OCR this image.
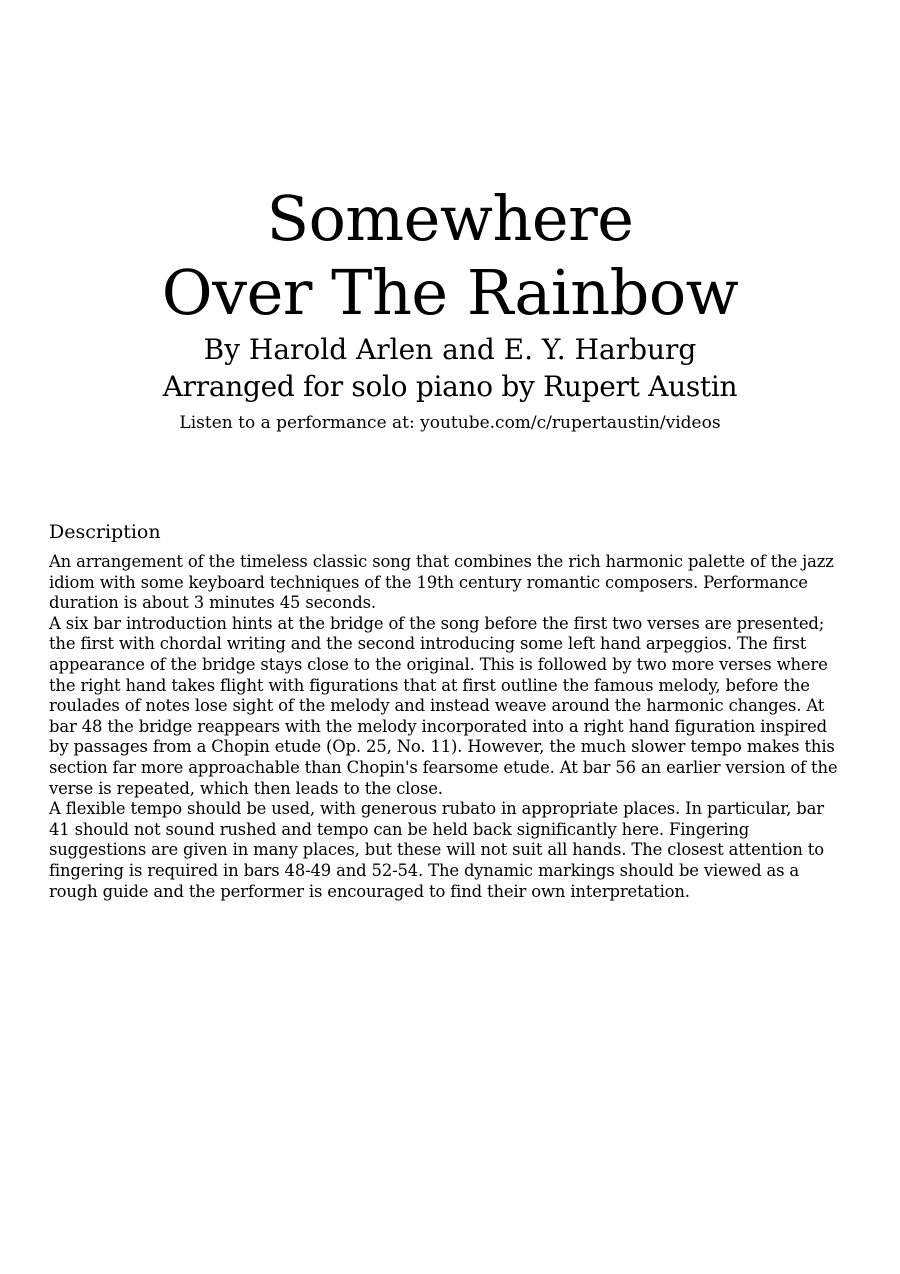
Somewhere
Over The Rainbow
By Harold Arlen and E. Y. Harburg
Arranged for solo piano by Rupert Austin
Listen to a performance at: youtube.com/c/rupertaustin/videos
Description

An arrangement of the timeless classic song that combines the rich harmonic palette of the jazz idiom with some keyboard techniques of the 19th century romantic composers. Performance duration is about 3 minutes 45 seconds.

A six bar introduction hints at the bridge of the song before the first two verses are presented; the first with chordal writing and the second introducing some left hand arpeggios. The first appearance of the bridge stays close to the original. This is followed by two more verses where the right hand takes flight with figurations that at first outline the famous melody, before the roulades of notes lose sight of the melody and instead weave around the harmonic changes. At bar 48 the bridge reappears with the melody incorporated into a right hand figuration inspired by passages from a Chopin etude (Op. 25, No. 11). However, the much slower tempo makes this section far more approachable than Chopin's fearsome etude. At bar 56 an earlier version of the verse is repeated, which then leads to the close.

A flexible tempo should be used, with generous rubato in appropriate places. In particular, bar 41 should not sound rushed and tempo can be held back significantly here. Fingering suggestions are given in many places, but these will not suit all hands. The closest attention to fingering is required in bars 48-49 and 52-54. The dynamic markings should be viewed as a rough guide and the performer is encouraged to find their own interpretation.
